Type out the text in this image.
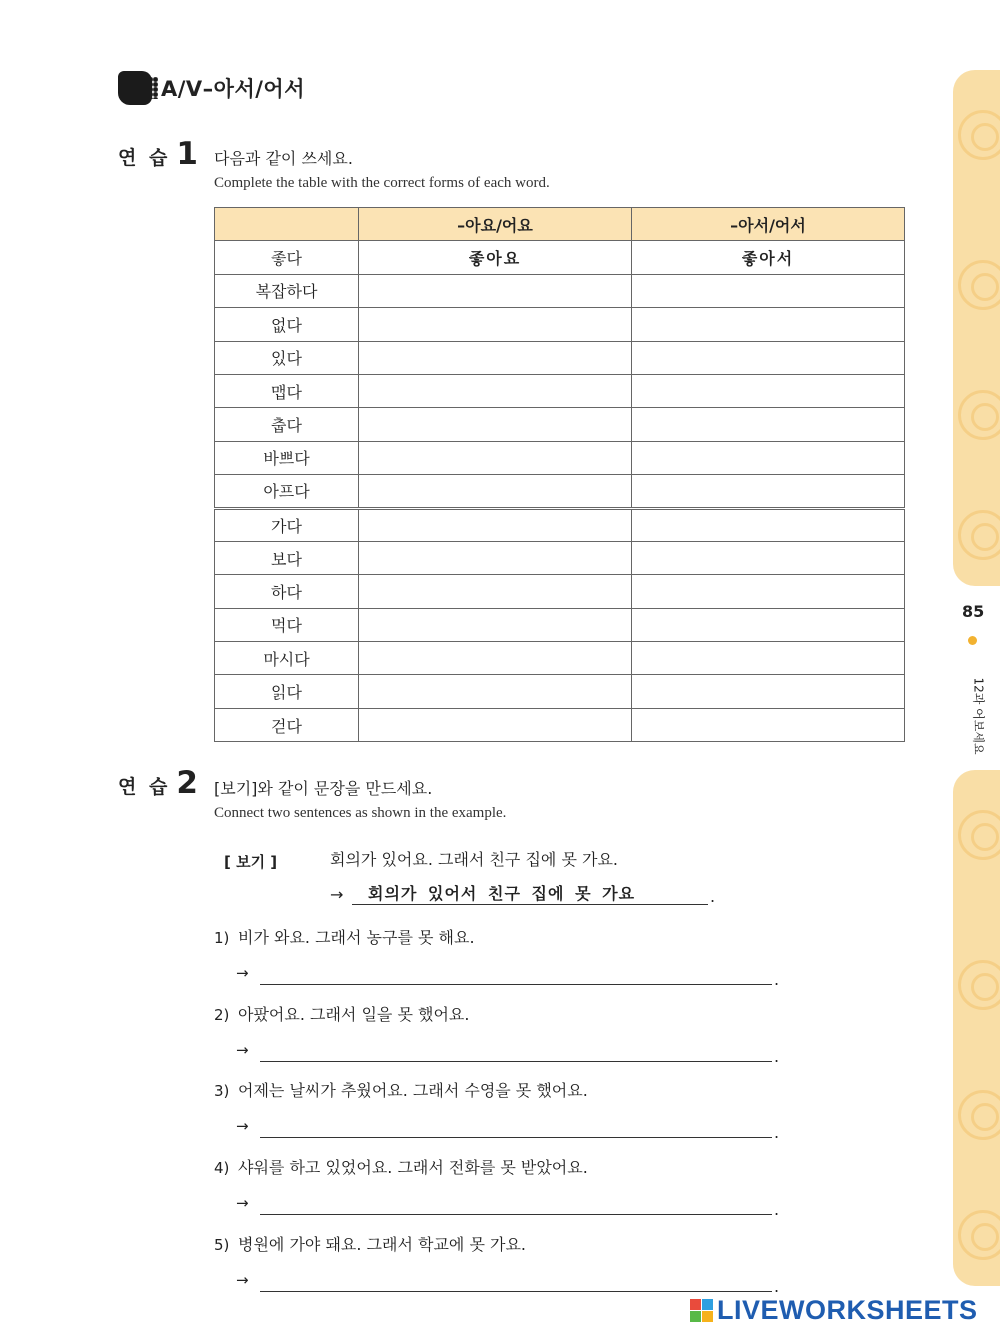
A/V–아서/어서
연 습 1 다음과 같이 쓰세요.
Complete the table with the correct forms of each word.
	–아요/어요	–아서/어서
좋다	좋아요	좋아서
복잡하다		
없다		
있다		
맵다		
춥다		
바쁘다		
아프다		
가다		
보다		
하다		
먹다		
마시다		
읽다		
걷다		
연 습 2 [보기]와 같이 문장을 만드세요.
Connect two sentences as shown in the example.
[ 보기 ]	회의가 있어요. 그래서 친구 집에 못 가요.
→	회의가 있어서 친구 집에 못 가요	.
1) 비가 와요. 그래서 농구를 못 해요.
→	.
2) 아팠어요. 그래서 일을 못 했어요.
→	.
3) 어제는 날씨가 추웠어요. 그래서 수영을 못 했어요.
→	.
4) 샤워를 하고 있었어요. 그래서 전화를 못 받았어요.
→	.
5) 병원에 가야 돼요. 그래서 학교에 못 가요.
→	.
85
12과 어보세요
LIVEWORKSHEETS
